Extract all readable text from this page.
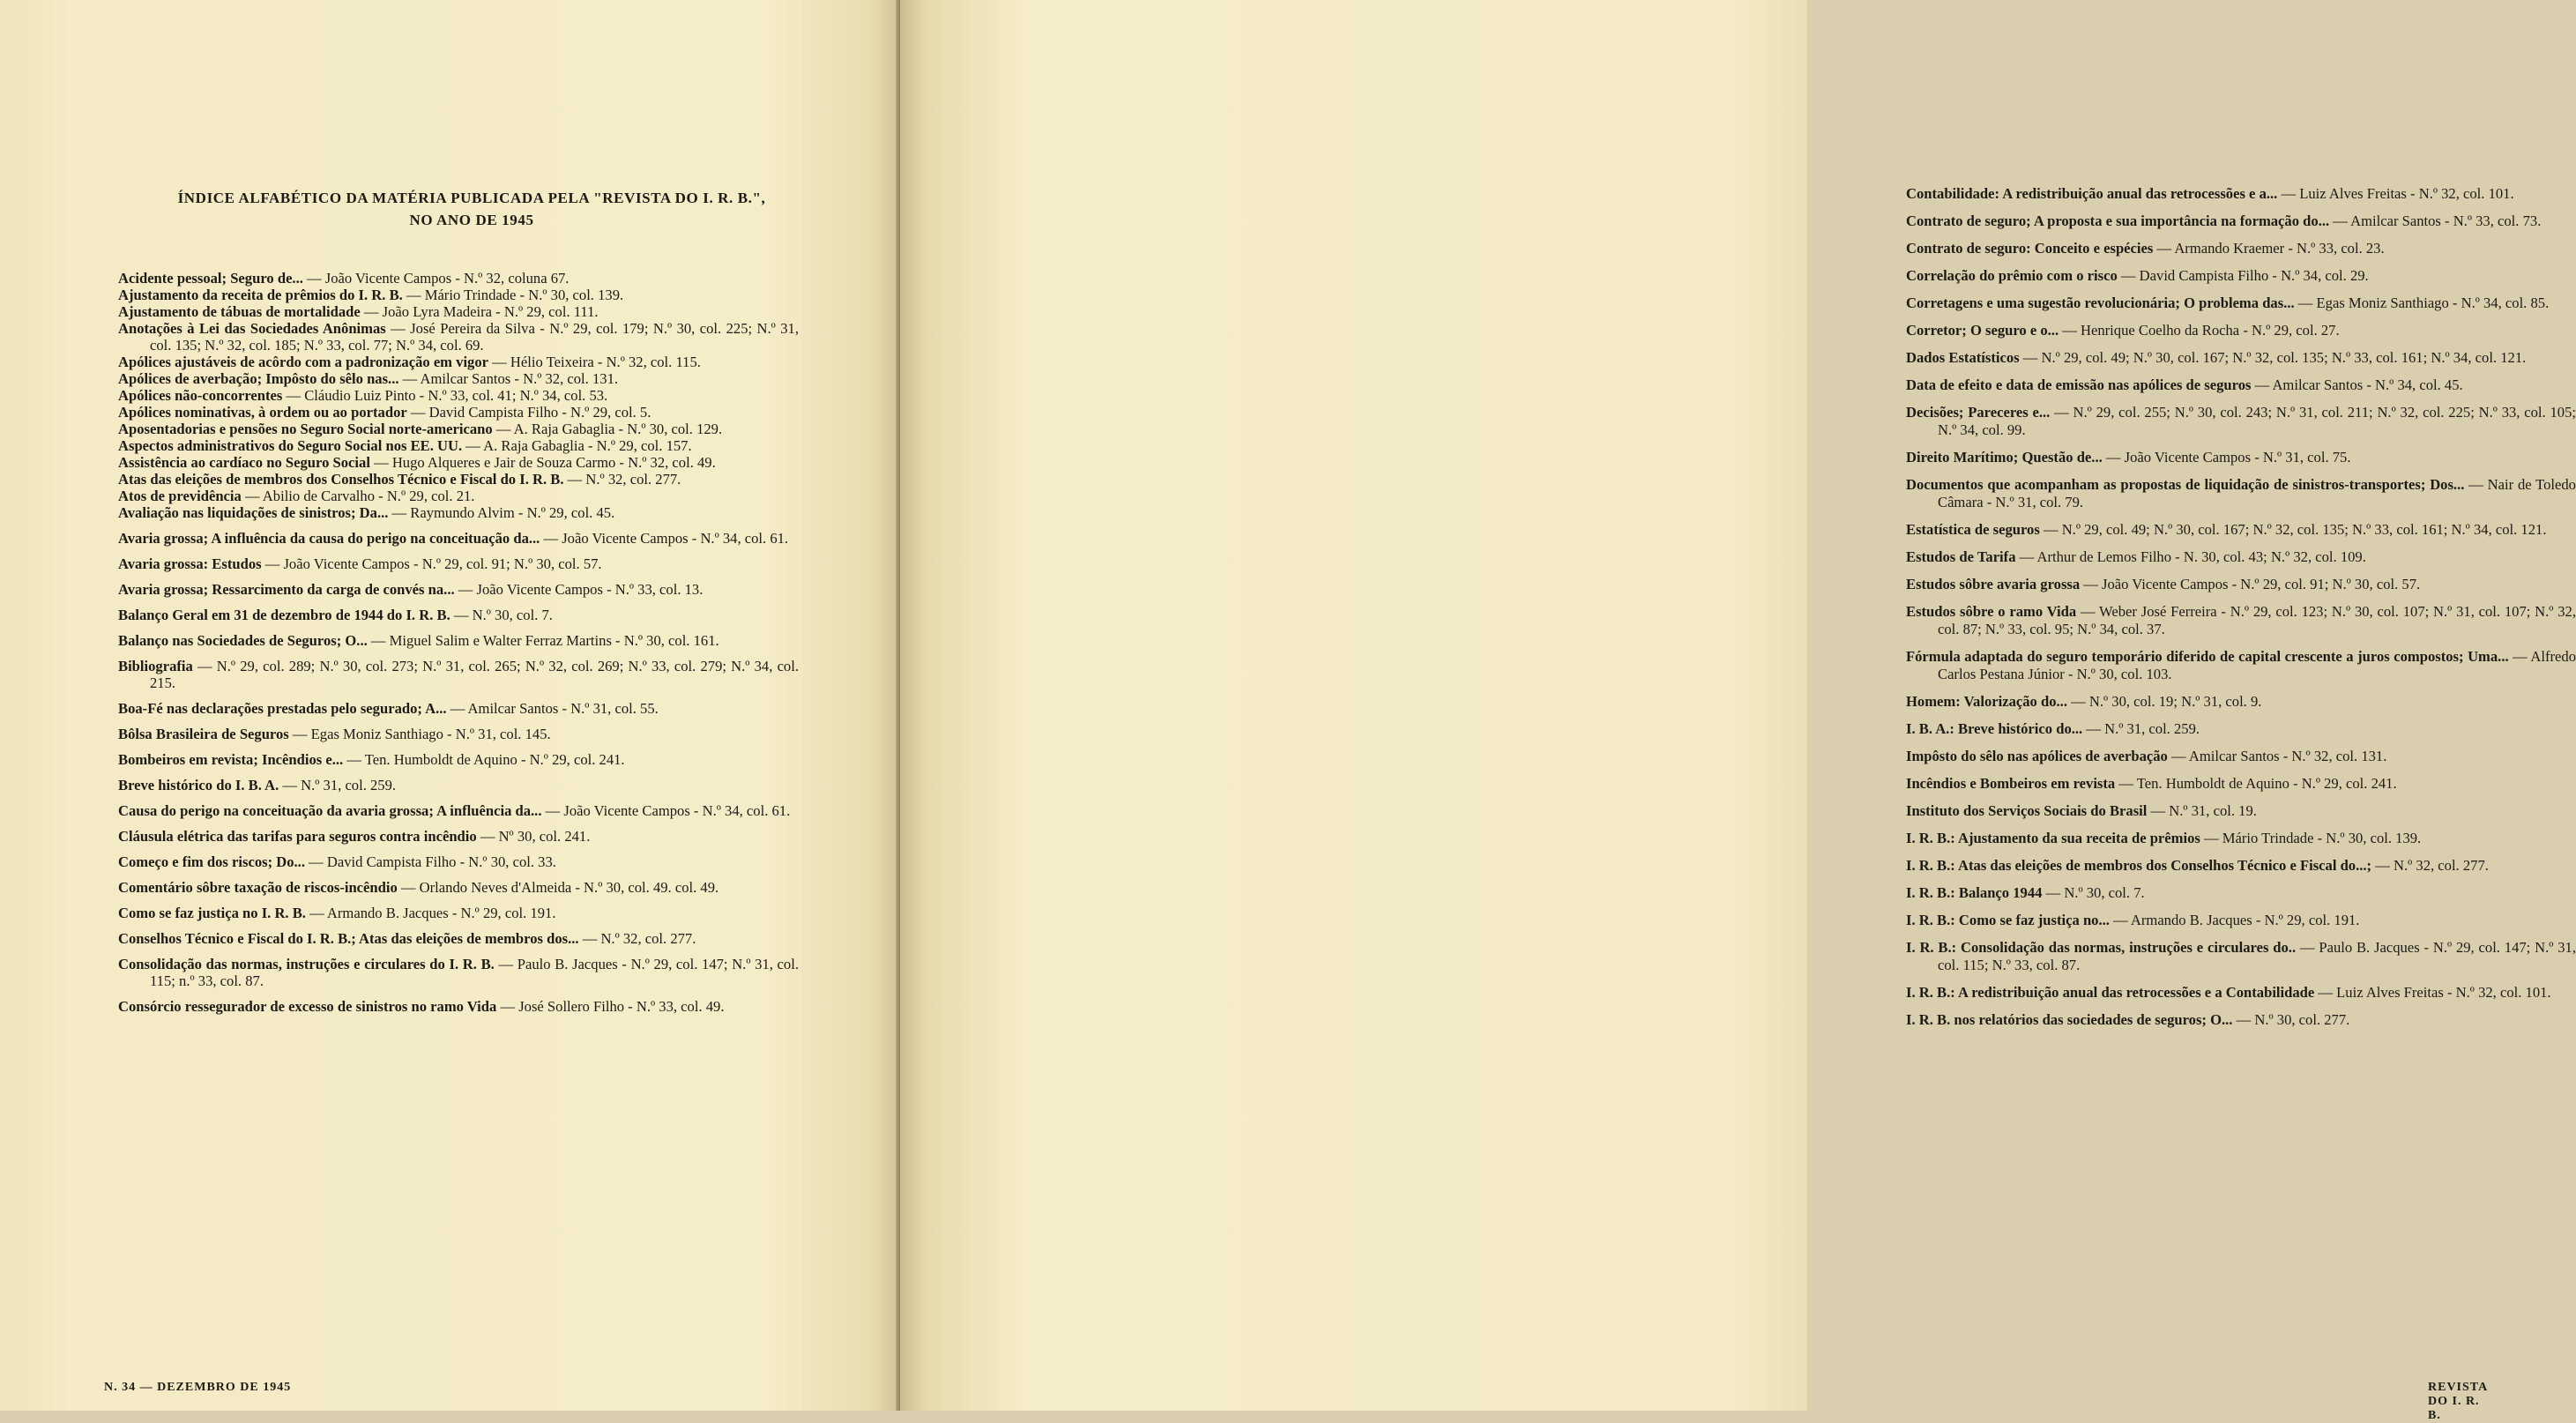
ÍNDICE ALFABÉTICO DA MATÉRIA PUBLICADA PELA "REVISTA DO I. R. B.",
NO ANO DE 1945

Acidente pessoal; Seguro de... — João Vicente Campos - N.º 32, coluna 67.

Ajustamento da receita de prêmios do I. R. B. — Mário Trindade - N.º 30, col. 139.

Ajustamento de tábuas de mortalidade — João Lyra Madeira - N.º 29, col. 111.

Anotações à Lei das Sociedades Anônimas — José Pereira da Silva - N.º 29, col. 179; N.º 30, col. 225; N.º 31, col. 135; N.º 32, col. 185; N.º 33, col. 77; N.º 34, col. 69.

Apólices ajustáveis de acôrdo com a padronização em vigor — Hélio Teixeira - N.º 32, col. 115.

Apólices de averbação; Impôsto do sêlo nas... — Amilcar Santos - N.º 32, col. 131.

Apólices não-concorrentes — Cláudio Luiz Pinto - N.º 33, col. 41; N.º 34, col. 53.

Apólices nominativas, à ordem ou ao portador — David Campista Filho - N.º 29, col. 5.

Aposentadorias e pensões no Seguro Social norte-americano — A. Raja Gabaglia - N.º 30, col. 129.

Aspectos administrativos do Seguro Social nos EE. UU. — A. Raja Gabaglia - N.º 29, col. 157.

Assistência ao cardíaco no Seguro Social — Hugo Alqueres e Jair de Souza Carmo - N.º 32, col. 49.

Atas das eleições de membros dos Conselhos Técnico e Fiscal do I. R. B. — N.º 32, col. 277.

Atos de previdência — Abilio de Carvalho - N.º 29, col. 21.

Avaliação nas liquidações de sinistros; Da... — Raymundo Alvim - N.º 29, col. 45.

Avaria grossa; A influência da causa do perigo na conceituação da... — João Vicente Campos - N.º 34, col. 61.

Avaria grossa: Estudos — João Vicente Campos - N.º 29, col. 91; N.º 30, col. 57.

Avaria grossa; Ressarcimento da carga de convés na... — João Vicente Campos - N.º 33, col. 13.

Balanço Geral em 31 de dezembro de 1944 do I. R. B. — N.º 30, col. 7.

Balanço nas Sociedades de Seguros; O... — Miguel Salim e Walter Ferraz Martins - N.º 30, col. 161.

Bibliografia — N.º 29, col. 289; N.º 30, col. 273; N.º 31, col. 265; N.º 32, col. 269; N.º 33, col. 279; N.º 34, col. 215.

Boa-Fé nas declarações prestadas pelo segurado; A... — Amilcar Santos - N.º 31, col. 55.

Bôlsa Brasileira de Seguros — Egas Moniz Santhiago - N.º 31, col. 145.

Bombeiros em revista; Incêndios e... — Ten. Humboldt de Aquino - N.º 29, col. 241.

Breve histórico do I. B. A. — N.º 31, col. 259.

Causa do perigo na conceituação da avaria grossa; A influência da... — João Vicente Campos - N.º 34, col. 61.

Cláusula elétrica das tarifas para seguros contra incêndio — Nº 30, col. 241.

Começo e fim dos riscos; Do... — David Campista Filho - N.º 30, col. 33.

Comentário sôbre taxação de riscos-incêndio — Orlando Neves d'Almeida - N.º 30, col. 49. col. 49.

Como se faz justiça no I. R. B. — Armando B. Jacques - N.º 29, col. 191.

Conselhos Técnico e Fiscal do I. R. B.; Atas das eleições de membros dos... — N.º 32, col. 277.

Consolidação das normas, instruções e circulares do I. R. B. — Paulo B. Jacques - N.º 29, col. 147; N.º 31, col. 115; n.º 33, col. 87.

Consórcio ressegurador de excesso de sinistros no ramo Vida — José Sollero Filho - N.º 33, col. 49.

N. 34 — DEZEMBRO DE 1945

Contabilidade: A redistribuição anual das retrocessões e a... — Luiz Alves Freitas - N.º 32, col. 101.

Contrato de seguro; A proposta e sua importância na formação do... — Amilcar Santos - N.º 33, col. 73.

Contrato de seguro: Conceito e espécies — Armando Kraemer - N.º 33, col. 23.

Correlação do prêmio com o risco — David Campista Filho - N.º 34, col. 29.

Corretagens e uma sugestão revolucionária; O problema das... — Egas Moniz Santhiago - N.º 34, col. 85.

Corretor; O seguro e o... — Henrique Coelho da Rocha - N.º 29, col. 27.

Dados Estatísticos — N.º 29, col. 49; N.º 30, col. 167; N.º 32, col. 135; N.º 33, col. 161; N.º 34, col. 121.

Data de efeito e data de emissão nas apólices de seguros — Amilcar Santos - N.º 34, col. 45.

Decisões; Pareceres e... — N.º 29, col. 255; N.º 30, col. 243; N.º 31, col. 211; N.º 32, col. 225; N.º 33, col. 105; N.º 34, col. 99.

Direito Marítimo; Questão de... — João Vicente Campos - N.º 31, col. 75.

Documentos que acompanham as propostas de liquidação de sinistros-transportes; Dos... — Nair de Toledo Câmara - N.º 31, col. 79.

Estatística de seguros — N.º 29, col. 49; N.º 30, col. 167; N.º 32, col. 135; N.º 33, col. 161; N.º 34, col. 121.

Estudos de Tarifa — Arthur de Lemos Filho - N. 30, col. 43; N.º 32, col. 109.

Estudos sôbre avaria grossa — João Vicente Campos - N.º 29, col. 91; N.º 30, col. 57.

Estudos sôbre o ramo Vida — Weber José Ferreira - N.º 29, col. 123; N.º 30, col. 107; N.º 31, col. 107; N.º 32, col. 87; N.º 33, col. 95; N.º 34, col. 37.

Fórmula adaptada do seguro temporário diferido de capital crescente a juros compostos; Uma... — Alfredo Carlos Pestana Júnior - N.º 30, col. 103.

Homem: Valorização do... — N.º 30, col. 19; N.º 31, col. 9.

I. B. A.: Breve histórico do... — N.º 31, col. 259.

Impôsto do sêlo nas apólices de averbação — Amilcar Santos - N.º 32, col. 131.

Incêndios e Bombeiros em revista — Ten. Humboldt de Aquino - N.º 29, col. 241.

Instituto dos Serviços Sociais do Brasil — N.º 31, col. 19.

I. R. B.: Ajustamento da sua receita de prêmios — Mário Trindade - N.º 30, col. 139.

I. R. B.: Atas das eleições de membros dos Conselhos Técnico e Fiscal do...; — N.º 32, col. 277.

I. R. B.: Balanço 1944 — N.º 30, col. 7.

I. R. B.: Como se faz justiça no... — Armando B. Jacques - N.º 29, col. 191.

I. R. B.: Consolidação das normas, instruções e circulares do.. — Paulo B. Jacques - N.º 29, col. 147; N.º 31, col. 115; N.º 33, col. 87.

I. R. B.: A redistribuição anual das retrocessões e a Contabilidade — Luiz Alves Freitas - N.º 32, col. 101.

I. R. B. nos relatórios das sociedades de seguros; O... — N.º 30, col. 277.

REVISTA DO I. R. B.
